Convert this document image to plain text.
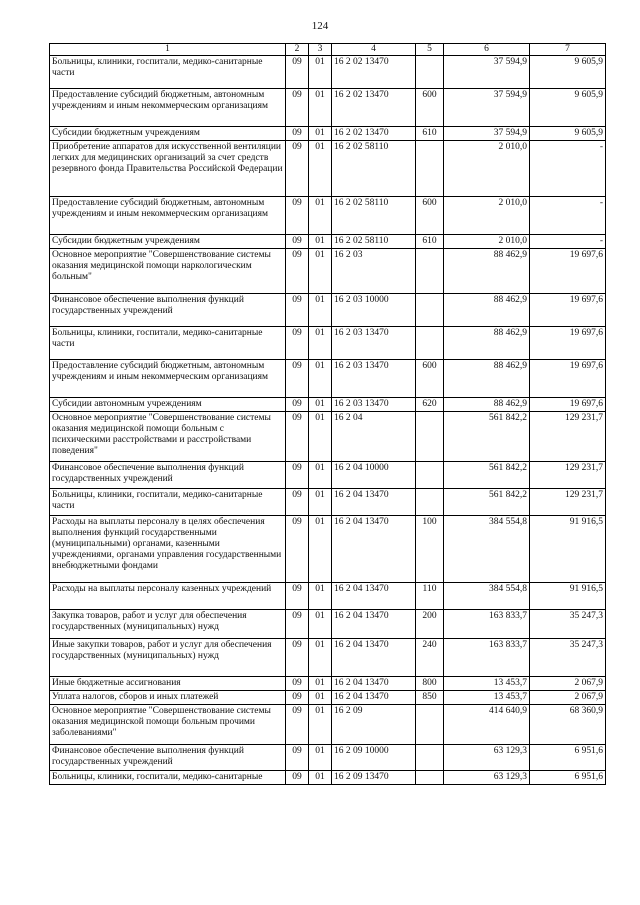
124
1	2	3	4	5	6	7
Больницы, клиники, госпитали, медико-санитарные части	09	01	16 2 02 13470		37 594,9	9 605,9
Предоставление субсидий бюджетным, автономным учреждениям и иным некоммерческим организациям	09	01	16 2 02 13470	600	37 594,9	9 605,9
Субсидии бюджетным учреждениям	09	01	16 2 02 13470	610	37 594,9	9 605,9
Приобретение аппаратов для искусственной вентиляции легких для медицинских организаций за счет средств резервного фонда Правительства Российской Федерации	09	01	16 2 02 58110		2 010,0	-
Предоставление субсидий бюджетным, автономным учреждениям и иным некоммерческим организациям	09	01	16 2 02 58110	600	2 010,0	-
Субсидии бюджетным учреждениям	09	01	16 2 02 58110	610	2 010,0	-
Основное мероприятие "Совершенствование системы оказания медицинской помощи наркологическим больным"	09	01	16 2 03		88 462,9	19 697,6
Финансовое обеспечение выполнения функций государственных учреждений	09	01	16 2 03 10000		88 462,9	19 697,6
Больницы, клиники, госпитали, медико-санитарные части	09	01	16 2 03 13470		88 462,9	19 697,6
Предоставление субсидий бюджетным, автономным учреждениям и иным некоммерческим организациям	09	01	16 2 03 13470	600	88 462,9	19 697,6
Субсидии автономным учреждениям	09	01	16 2 03 13470	620	88 462,9	19 697,6
Основное мероприятие "Совершенствование системы оказания медицинской помощи больным с психическими расстройствами и расстройствами поведения"	09	01	16 2 04		561 842,2	129 231,7
Финансовое обеспечение выполнения функций государственных учреждений	09	01	16 2 04 10000		561 842,2	129 231,7
Больницы, клиники, госпитали, медико-санитарные части	09	01	16 2 04 13470		561 842,2	129 231,7
Расходы на выплаты персоналу в целях обеспечения выполнения функций государственными (муниципальными) органами, казенными учреждениями, органами управления государственными внебюджетными фондами	09	01	16 2 04 13470	100	384 554,8	91 916,5
Расходы на выплаты персоналу казенных учреждений	09	01	16 2 04 13470	110	384 554,8	91 916,5
Закупка товаров, работ и услуг для обеспечения государственных (муниципальных) нужд	09	01	16 2 04 13470	200	163 833,7	35 247,3
Иные закупки товаров, работ и услуг для обеспечения государственных (муниципальных) нужд	09	01	16 2 04 13470	240	163 833,7	35 247,3
Иные бюджетные ассигнования	09	01	16 2 04 13470	800	13 453,7	2 067,9
Уплата налогов, сборов и иных платежей	09	01	16 2 04 13470	850	13 453,7	2 067,9
Основное мероприятие "Совершенствование системы оказания медицинской помощи больным прочими заболеваниями"	09	01	16 2 09		414 640,9	68 360,9
Финансовое обеспечение выполнения функций государственных учреждений	09	01	16 2 09 10000		63 129,3	6 951,6
Больницы, клиники, госпитали, медико-санитарные	09	01	16 2 09 13470		63 129,3	6 951,6
